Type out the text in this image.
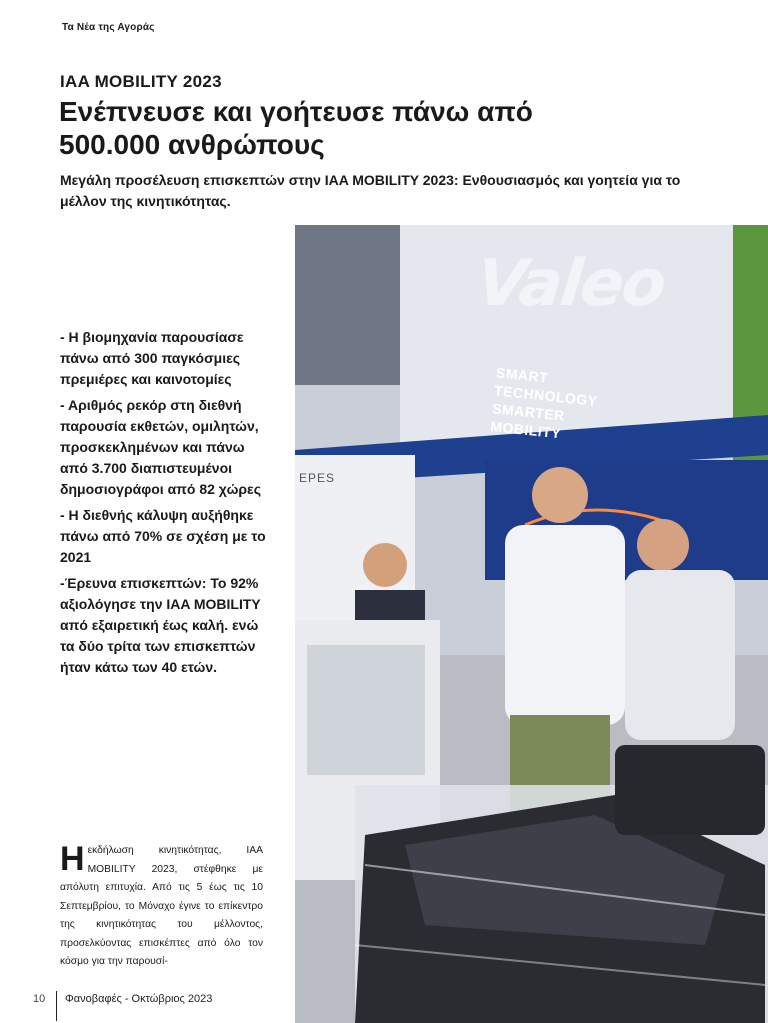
Τα Νέα της Αγοράς
IAA MOBILITY 2023
Ενέπνευσε και γοήτευσε πάνω από 500.000 ανθρώπους
Μεγάλη προσέλευση επισκεπτών στην IAA MOBILITY 2023: Ενθουσιασμός και γοητεία για το μέλλον της κινητικότητας.
- Η βιομηχανία παρουσίασε πάνω από 300 παγκόσμιες πρεμιέρες και καινοτομίες
- Αριθμός ρεκόρ στη διεθνή παρουσία εκθετών, ομιλητών, προσκεκλημένων και πάνω από 3.700 διαπιστευμένοι δημοσιογράφοι από 82 χώρες
- Η διεθνής κάλυψη αυξήθηκε πάνω από 70% σε σχέση με το 2021
-Έρευνα επισκεπτών: Το 92% αξιολόγησε την IAA MOBILITY από εξαιρετική έως καλή. ενώ τα δύο τρίτα των επισκεπτών ήταν κάτω των 40 ετών.

Ηεκδήλωση κινητικότητας, IAA MOBILITY 2023, στέφθηκε με απόλυτη επιτυχία. Από τις 5 έως τις 10 Σεπτεμβρίου, το Μόναχο έγινε το επίκεντρο της κινητικότητας του μέλλοντος, προσελκύοντας επισκέπτες από όλο τον κόσμο για την παρουσί-

Valeo
SMART TECHNOLOGY SMARTER MOBILITY
EPES
10 Φανοβαφές - Οκτώβριος 2023
